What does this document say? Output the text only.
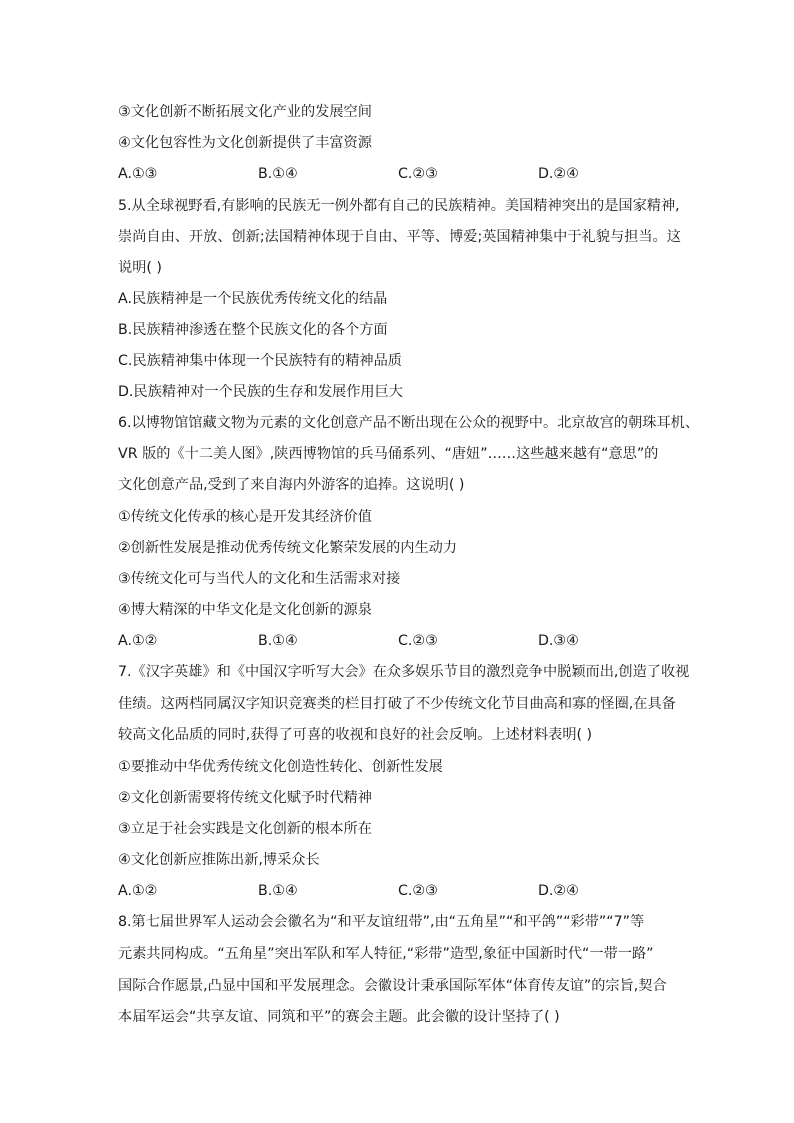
③文化创新不断拓展文化产业的发展空间
④文化包容性为文化创新提供了丰富资源
A.①③	B.①④	C.②③	D.②④
5.从全球视野看,有影响的民族无一例外都有自己的民族精神。美国精神突出的是国家精神,
崇尚自由、开放、创新;法国精神体现于自由、平等、博爱;英国精神集中于礼貌与担当。这
说明( )
A.民族精神是一个民族优秀传统文化的结晶
B.民族精神渗透在整个民族文化的各个方面
C.民族精神集中体现一个民族特有的精神品质
D.民族精神对一个民族的生存和发展作用巨大
6.以博物馆馆藏文物为元素的文化创意产品不断出现在公众的视野中。北京故宫的朝珠耳机、
VR 版的《十二美人图》,陕西博物馆的兵马俑系列、“唐妞”……这些越来越有“意思”的
文化创意产品,受到了来自海内外游客的追捧。这说明( )
①传统文化传承的核心是开发其经济价值
②创新性发展是推动优秀传统文化繁荣发展的内生动力
③传统文化可与当代人的文化和生活需求对接
④博大精深的中华文化是文化创新的源泉
A.①②	B.①④	C.②③	D.③④
7.《汉字英雄》和《中国汉字听写大会》在众多娱乐节目的激烈竞争中脱颖而出,创造了收视
佳绩。这两档同属汉字知识竞赛类的栏目打破了不少传统文化节目曲高和寡的怪圈,在具备
较高文化品质的同时,获得了可喜的收视和良好的社会反响。上述材料表明( )
①要推动中华优秀传统文化创造性转化、创新性发展
②文化创新需要将传统文化赋予时代精神
③立足于社会实践是文化创新的根本所在
④文化创新应推陈出新,博采众长
A.①②	B.①④	C.②③	D.②④
8.第七届世界军人运动会会徽名为“和平友谊纽带”,由“五角星”“和平鸽”“彩带”“7”等
元素共同构成。“五角星”突出军队和军人特征,“彩带”造型,象征中国新时代“一带一路”
国际合作愿景,凸显中国和平发展理念。会徽设计秉承国际军体“体育传友谊”的宗旨,契合
本届军运会“共享友谊、同筑和平”的赛会主题。此会徽的设计坚持了( )
